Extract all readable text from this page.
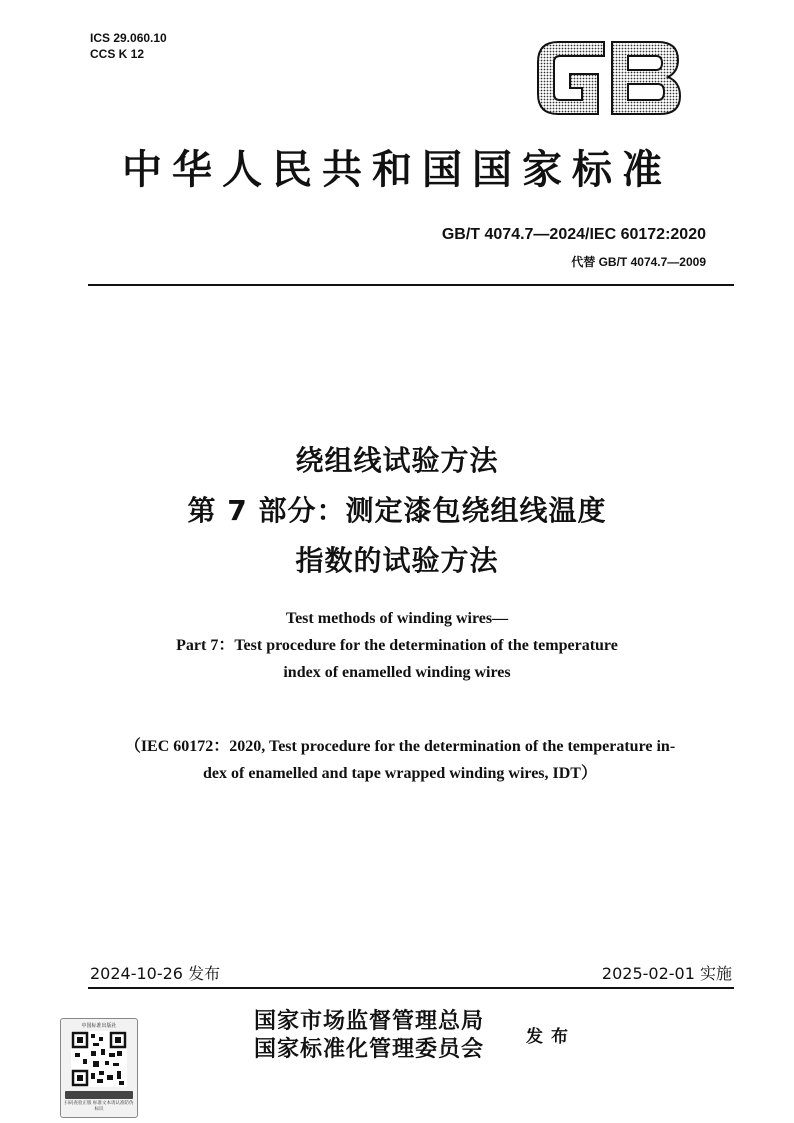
ICS 29.060.10
CCS K 12
中华人民共和国国家标准
GB/T 4074.7—2024/IEC 60172:2020
代替 GB/T 4074.7—2009
绕组线试验方法
第 7 部分：测定漆包绕组线温度
指数的试验方法
Test methods of winding wires—
Part 7：Test procedure for the determination of the temperature
index of enamelled winding wires
（IEC 60172：2020, Test procedure for the determination of the temperature in-
dex of enamelled and tape wrapped winding wires, IDT）
2024-10-26 发布	2025-02-01 实施
中国标准出版社
扫码查验正版 标准文本请认准防伪标识
国家市场监督管理总局
国家标准化管理委员会 发布
